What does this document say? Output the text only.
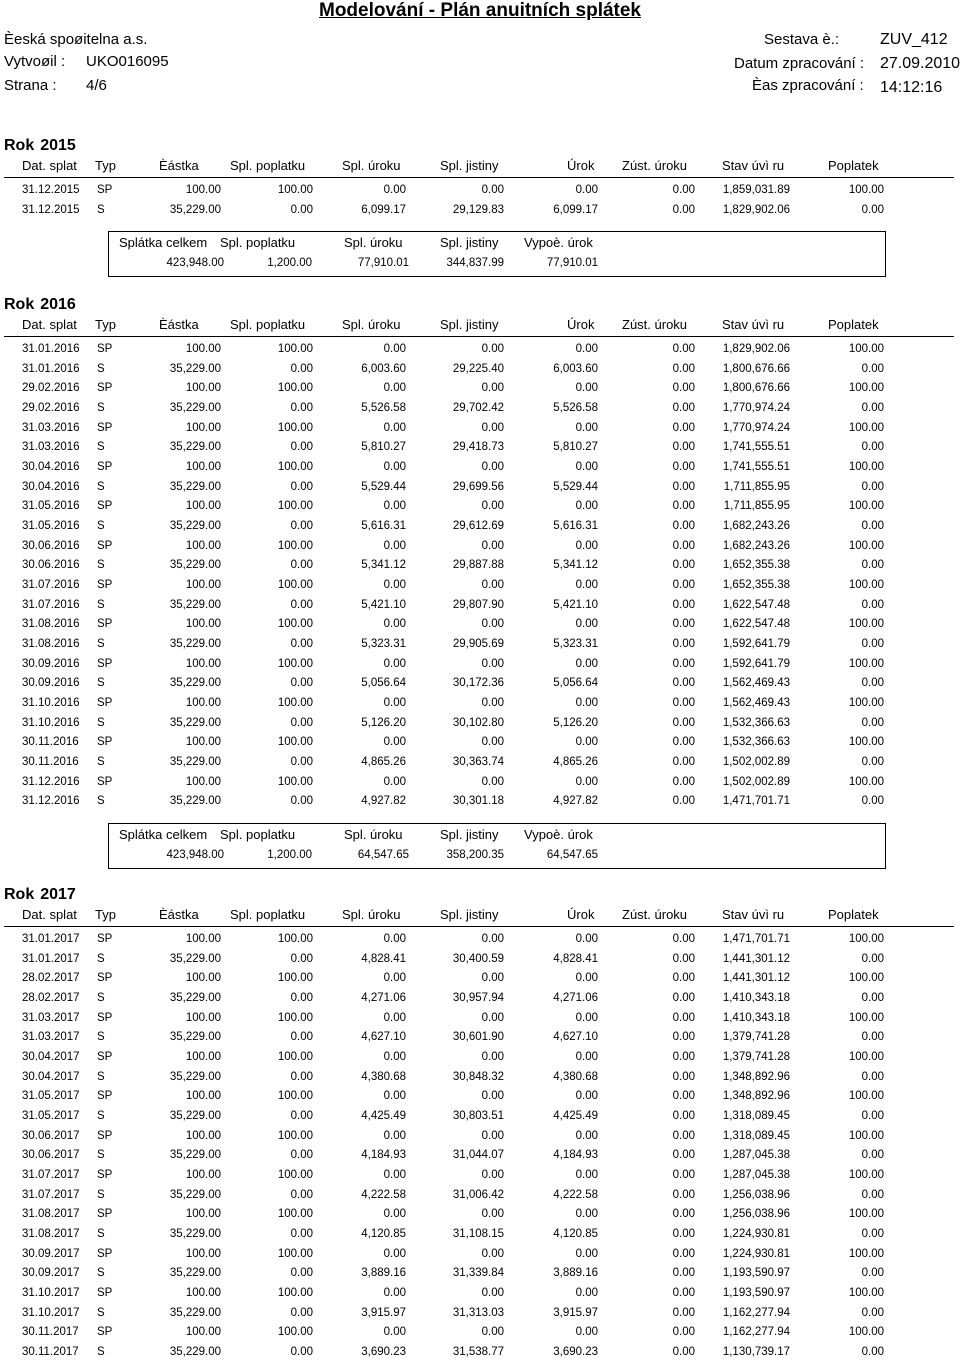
Modelování - Plán anuitních splátek
Èeská spoøitelna a.s.
Vytvoøil : UKO016095
Strana : 4/6
Sestava è.:	ZUV_412
Datum zpracování : 27.09.2010
Èas zpracování : 14:12:16
Rok 2015
Dat. splat Typ	Èástka Spl. poplatku	Spl. úroku	Spl. jistiny	Úrok Zúst. úroku	Stav úvì ru	Poplatek
31.12.2015 SP	100.00	100.00	0.00	0.00	0.00	0.00 1,859,031.89	100.00
31.12.2015 S	35,229.00	0.00	6,099.17	29,129.83	6,099.17	0.00 1,829,902.06	0.00
Splátka celkem Spl. poplatku	Spl. úroku	Spl. jistiny Vypoè. úrok
423,948.00	1,200.00	77,910.01	344,837.99	77,910.01
Rok 2016
Dat. splat Typ	Èástka Spl. poplatku	Spl. úroku	Spl. jistiny	Úrok Zúst. úroku	Stav úvì ru	Poplatek
31.01.2016 SP	100.00	100.00	0.00	0.00	0.00	0.00 1,829,902.06	100.00
31.01.2016 S	35,229.00	0.00	6,003.60	29,225.40	6,003.60	0.00 1,800,676.66	0.00
29.02.2016 SP	100.00	100.00	0.00	0.00	0.00	0.00 1,800,676.66	100.00
29.02.2016 S	35,229.00	0.00	5,526.58	29,702.42	5,526.58	0.00 1,770,974.24	0.00
31.03.2016 SP	100.00	100.00	0.00	0.00	0.00	0.00 1,770,974.24	100.00
31.03.2016 S	35,229.00	0.00	5,810.27	29,418.73	5,810.27	0.00 1,741,555.51	0.00
30.04.2016 SP	100.00	100.00	0.00	0.00	0.00	0.00 1,741,555.51	100.00
30.04.2016 S	35,229.00	0.00	5,529.44	29,699.56	5,529.44	0.00 1,711,855.95	0.00
31.05.2016 SP	100.00	100.00	0.00	0.00	0.00	0.00 1,711,855.95	100.00
31.05.2016 S	35,229.00	0.00	5,616.31	29,612.69	5,616.31	0.00 1,682,243.26	0.00
30.06.2016 SP	100.00	100.00	0.00	0.00	0.00	0.00 1,682,243.26	100.00
30.06.2016 S	35,229.00	0.00	5,341.12	29,887.88	5,341.12	0.00 1,652,355.38	0.00
31.07.2016 SP	100.00	100.00	0.00	0.00	0.00	0.00 1,652,355.38	100.00
31.07.2016 S	35,229.00	0.00	5,421.10	29,807.90	5,421.10	0.00 1,622,547.48	0.00
31.08.2016 SP	100.00	100.00	0.00	0.00	0.00	0.00 1,622,547.48	100.00
31.08.2016 S	35,229.00	0.00	5,323.31	29,905.69	5,323.31	0.00 1,592,641.79	0.00
30.09.2016 SP	100.00	100.00	0.00	0.00	0.00	0.00 1,592,641.79	100.00
30.09.2016 S	35,229.00	0.00	5,056.64	30,172.36	5,056.64	0.00 1,562,469.43	0.00
31.10.2016 SP	100.00	100.00	0.00	0.00	0.00	0.00 1,562,469.43	100.00
31.10.2016 S	35,229.00	0.00	5,126.20	30,102.80	5,126.20	0.00 1,532,366.63	0.00
30.11.2016 SP	100.00	100.00	0.00	0.00	0.00	0.00 1,532,366.63	100.00
30.11.2016 S	35,229.00	0.00	4,865.26	30,363.74	4,865.26	0.00 1,502,002.89	0.00
31.12.2016 SP	100.00	100.00	0.00	0.00	0.00	0.00 1,502,002.89	100.00
31.12.2016 S	35,229.00	0.00	4,927.82	30,301.18	4,927.82	0.00 1,471,701.71	0.00
Splátka celkem Spl. poplatku	Spl. úroku	Spl. jistiny Vypoè. úrok
423,948.00	1,200.00	64,547.65	358,200.35	64,547.65
Rok 2017
Dat. splat Typ	Èástka Spl. poplatku	Spl. úroku	Spl. jistiny	Úrok Zúst. úroku	Stav úvì ru	Poplatek
31.01.2017 SP	100.00	100.00	0.00	0.00	0.00	0.00 1,471,701.71	100.00
31.01.2017 S	35,229.00	0.00	4,828.41	30,400.59	4,828.41	0.00 1,441,301.12	0.00
28.02.2017 SP	100.00	100.00	0.00	0.00	0.00	0.00 1,441,301.12	100.00
28.02.2017 S	35,229.00	0.00	4,271.06	30,957.94	4,271.06	0.00 1,410,343.18	0.00
31.03.2017 SP	100.00	100.00	0.00	0.00	0.00	0.00 1,410,343.18	100.00
31.03.2017 S	35,229.00	0.00	4,627.10	30,601.90	4,627.10	0.00 1,379,741.28	0.00
30.04.2017 SP	100.00	100.00	0.00	0.00	0.00	0.00 1,379,741.28	100.00
30.04.2017 S	35,229.00	0.00	4,380.68	30,848.32	4,380.68	0.00 1,348,892.96	0.00
31.05.2017 SP	100.00	100.00	0.00	0.00	0.00	0.00 1,348,892.96	100.00
31.05.2017 S	35,229.00	0.00	4,425.49	30,803.51	4,425.49	0.00 1,318,089.45	0.00
30.06.2017 SP	100.00	100.00	0.00	0.00	0.00	0.00 1,318,089.45	100.00
30.06.2017 S	35,229.00	0.00	4,184.93	31,044.07	4,184.93	0.00 1,287,045.38	0.00
31.07.2017 SP	100.00	100.00	0.00	0.00	0.00	0.00 1,287,045.38	100.00
31.07.2017 S	35,229.00	0.00	4,222.58	31,006.42	4,222.58	0.00 1,256,038.96	0.00
31.08.2017 SP	100.00	100.00	0.00	0.00	0.00	0.00 1,256,038.96	100.00
31.08.2017 S	35,229.00	0.00	4,120.85	31,108.15	4,120.85	0.00 1,224,930.81	0.00
30.09.2017 SP	100.00	100.00	0.00	0.00	0.00	0.00 1,224,930.81	100.00
30.09.2017 S	35,229.00	0.00	3,889.16	31,339.84	3,889.16	0.00 1,193,590.97	0.00
31.10.2017 SP	100.00	100.00	0.00	0.00	0.00	0.00 1,193,590.97	100.00
31.10.2017 S	35,229.00	0.00	3,915.97	31,313.03	3,915.97	0.00 1,162,277.94	0.00
30.11.2017 SP	100.00	100.00	0.00	0.00	0.00	0.00 1,162,277.94	100.00
30.11.2017 S	35,229.00	0.00	3,690.23	31,538.77	3,690.23	0.00 1,130,739.17	0.00
